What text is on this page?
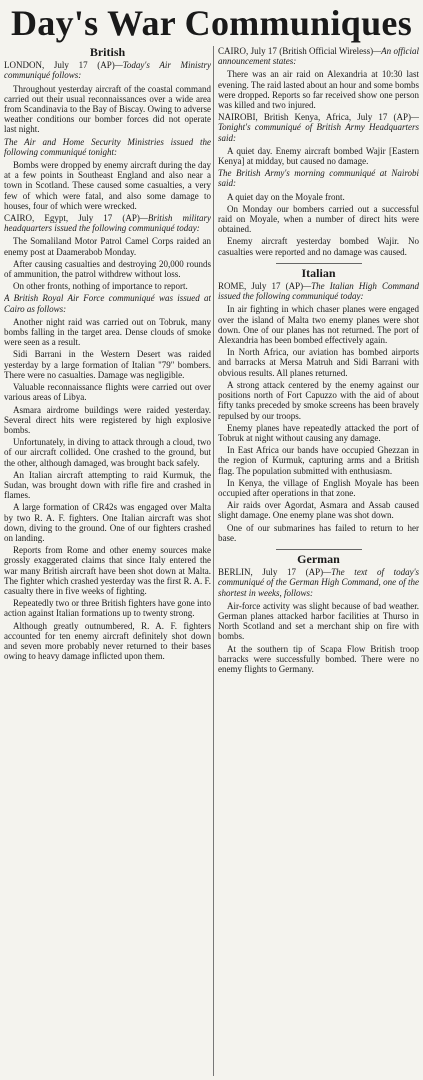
Day's War Communiques
British

LONDON, July 17 (AP)—Today's Air Ministry communiqué follows:

Throughout yesterday aircraft of the coastal command carried out their usual reconnaissances over a wide area from Scandinavia to the Bay of Biscay. Owing to adverse weather conditions our bomber forces did not operate last night.

The Air and Home Security Ministries issued the following communiqué tonight:

Bombs were dropped by enemy aircraft during the day at a few points in Southeast England and also near a town in Scotland. These caused some casualties, a very few of which were fatal, and also some damage to houses, four of which were wrecked.

CAIRO, Egypt, July 17 (AP)—British military headquarters issued the following communiqué today:

The Somaliland Motor Patrol Camel Corps raided an enemy post at Daamerabob Monday.

After causing casualties and destroying 20,000 rounds of ammunition, the patrol withdrew without loss.

On other fronts, nothing of importance to report.

A British Royal Air Force communiqué was issued at Cairo as follows:

Another night raid was carried out on Tobruk, many bombs falling in the target area. Dense clouds of smoke were seen as a result.

Sidi Barrani in the Western Desert was raided yesterday by a large formation of Italian "79" bombers. There were no casualties. Damage was negligible.

Valuable reconnaissance flights were carried out over various areas of Libya.

Asmara airdrome buildings were raided yesterday. Several direct hits were registered by high explosive bombs.

Unfortunately, in diving to attack through a cloud, two of our aircraft collided. One crashed to the ground, but the other, although damaged, was brought back safely.

An Italian aircraft attempting to raid Kurmuk, the Sudan, was brought down with rifle fire and crashed in flames.

A large formation of CR42s was engaged over Malta by two R. A. F. fighters. One Italian aircraft was shot down, diving to the ground. One of our fighters crashed on landing.

Reports from Rome and other enemy sources make grossly exaggerated claims that since Italy entered the war many British aircraft have been shot down at Malta. The fighter which crashed yesterday was the first R. A. F. casualty there in five weeks of fighting.

Repeatedly two or three British fighters have gone into action against Italian formations up to twenty strong.

Although greatly outnumbered, R. A. F. fighters accounted for ten enemy aircraft definitely shot down and seven more probably never returned to their bases owing to heavy damage inflicted upon them.

CAIRO, July 17 (British Official Wireless)—An official announcement states:

There was an air raid on Alexandria at 10:30 last evening. The raid lasted about an hour and some bombs were dropped. Reports so far received show one person was killed and two injured.

NAIROBI, British Kenya, Africa, July 17 (AP)—Tonight's communiqué of British Army Headquarters said:

A quiet day. Enemy aircraft bombed Wajir [Eastern Kenya] at midday, but caused no damage.

The British Army's morning communiqué at Nairobi said:

A quiet day on the Moyale front.

On Monday our bombers carried out a successful raid on Moyale, when a number of direct hits were obtained.

Enemy aircraft yesterday bombed Wajir. No casualties were reported and no damage was caused.

Italian

ROME, July 17 (AP)—The Italian High Command issued the following communiqué today:

In air fighting in which chaser planes were engaged over the island of Malta two enemy planes were shot down. One of our planes has not returned. The port of Alexandria has been bombed effectively again.

In North Africa, our aviation has bombed airports and barracks at Mersa Matruh and Sidi Barrani with obvious results. All planes returned.

A strong attack centered by the enemy against our positions north of Fort Capuzzo with the aid of about fifty tanks preceded by smoke screens has been bravely repulsed by our troops.

Enemy planes have repeatedly attacked the port of Tobruk at night without causing any damage.

In East Africa our bands have occupied Ghezzan in the region of Kurmuk, capturing arms and a British flag. The population submitted with enthusiasm.

In Kenya, the village of English Moyale has been occupied after operations in that zone.

Air raids over Agordat, Asmara and Assab caused slight damage. One enemy plane was shot down.

One of our submarines has failed to return to her base.

German

BERLIN, July 17 (AP)—The text of today's communiqué of the German High Command, one of the shortest in weeks, follows:

Air-force activity was slight because of bad weather. German planes attacked harbor facilities at Thurso in North Scotland and set a merchant ship on fire with bombs.

At the southern tip of Scapa Flow British troop barracks were successfully bombed. There were no enemy flights to Germany.
